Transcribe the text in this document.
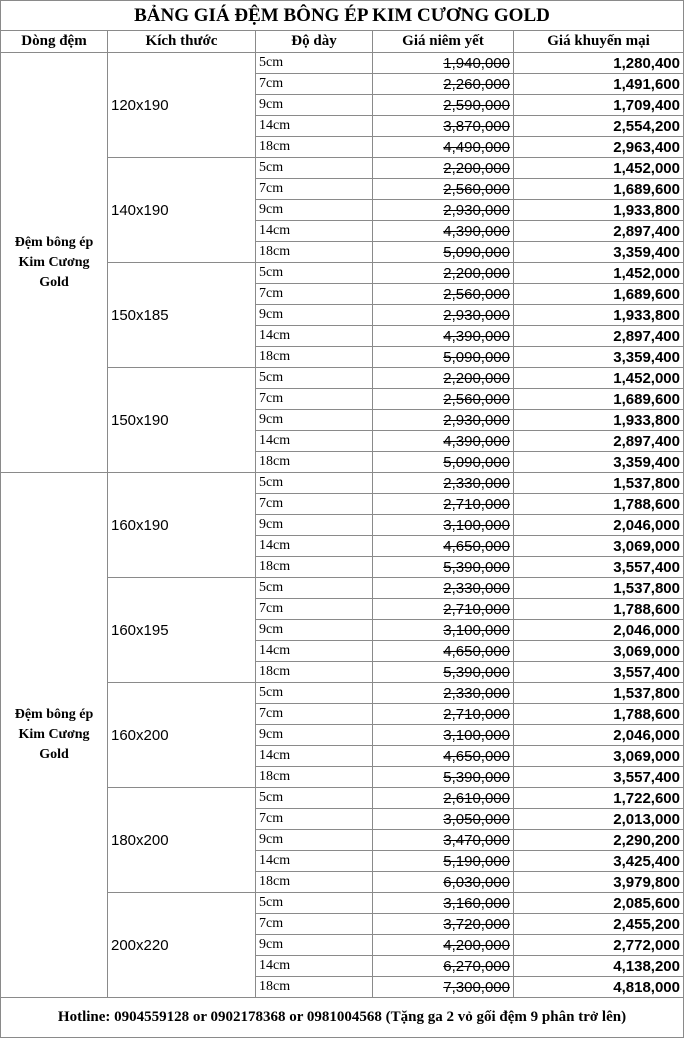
BẢNG GIÁ ĐỆM BÔNG ÉP KIM CƯƠNG GOLD				
Dòng đệm	Kích thước	Độ dày	Giá niêm yết	Giá khuyến mại
Đệm bông ép Kim Cương Gold	120x190	5cm	1,940,000	1,280,400
		7cm	2,260,000	1,491,600
		9cm	2,590,000	1,709,400
		14cm	3,870,000	2,554,200
		18cm	4,490,000	2,963,400
	140x190	5cm	2,200,000	1,452,000
		7cm	2,560,000	1,689,600
		9cm	2,930,000	1,933,800
		14cm	4,390,000	2,897,400
		18cm	5,090,000	3,359,400
	150x185	5cm	2,200,000	1,452,000
		7cm	2,560,000	1,689,600
		9cm	2,930,000	1,933,800
		14cm	4,390,000	2,897,400
		18cm	5,090,000	3,359,400
	150x190	5cm	2,200,000	1,452,000
		7cm	2,560,000	1,689,600
		9cm	2,930,000	1,933,800
		14cm	4,390,000	2,897,400
		18cm	5,090,000	3,359,400
Đệm bông ép Kim Cương Gold	160x190	5cm	2,330,000	1,537,800
		7cm	2,710,000	1,788,600
		9cm	3,100,000	2,046,000
		14cm	4,650,000	3,069,000
		18cm	5,390,000	3,557,400
	160x195	5cm	2,330,000	1,537,800
		7cm	2,710,000	1,788,600
		9cm	3,100,000	2,046,000
		14cm	4,650,000	3,069,000
		18cm	5,390,000	3,557,400
	160x200	5cm	2,330,000	1,537,800
		7cm	2,710,000	1,788,600
		9cm	3,100,000	2,046,000
		14cm	4,650,000	3,069,000
		18cm	5,390,000	3,557,400
	180x200	5cm	2,610,000	1,722,600
		7cm	3,050,000	2,013,000
		9cm	3,470,000	2,290,200
		14cm	5,190,000	3,425,400
		18cm	6,030,000	3,979,800
	200x220	5cm	3,160,000	2,085,600
		7cm	3,720,000	2,455,200
		9cm	4,200,000	2,772,000
		14cm	6,270,000	4,138,200
		18cm	7,300,000	4,818,000
Hotline: 0904559128 or 0902178368 or 0981004568 (Tặng ga 2 vỏ gối đệm 9 phân trở lên)				
